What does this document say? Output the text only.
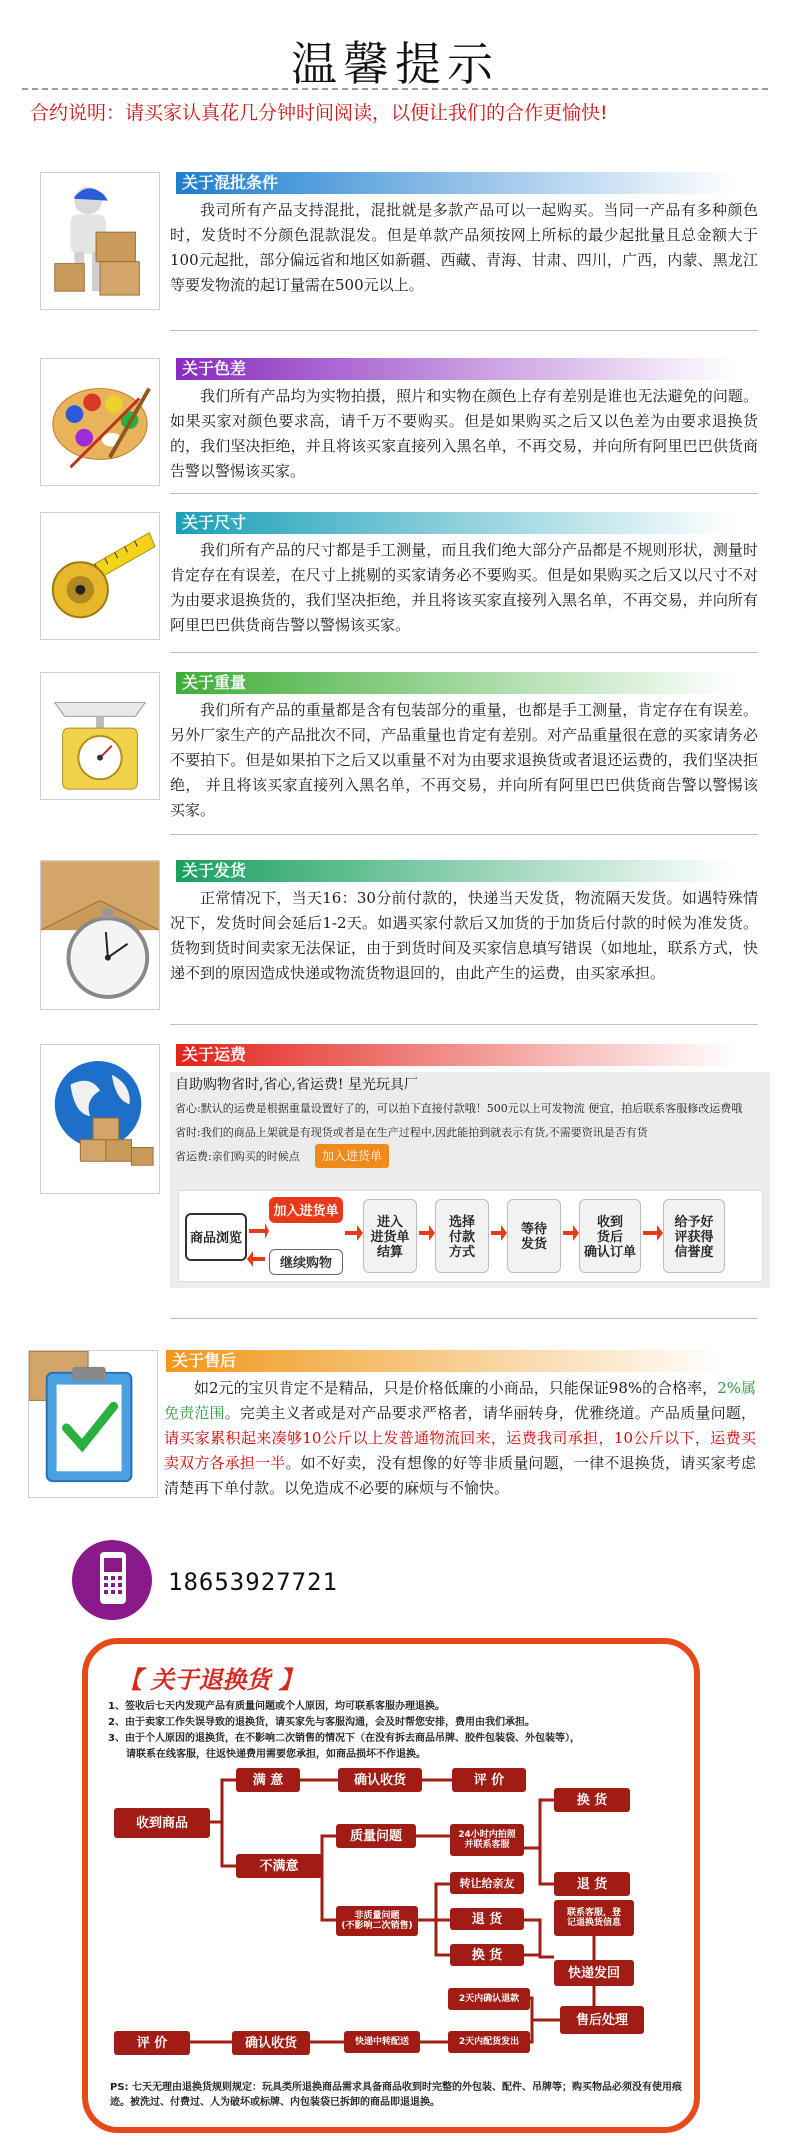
温馨提示
合约说明：请买家认真花几分钟时间阅读，以便让我们的合作更愉快!
关于混批条件
我司所有产品支持混批，混批就是多款产品可以一起购买。当同一产品有多种颜色时，发货时不分颜色混款混发。但是单款产品须按网上所标的最少起批量且总金额大于100元起批，部分偏远省和地区如新疆、西藏、青海、甘肃、四川，广西，内蒙、黑龙江等要发物流的起订量需在500元以上。
关于色差
我们所有产品均为实物拍摄，照片和实物在颜色上存有差别是谁也无法避免的问题。如果买家对颜色要求高，请千万不要购买。但是如果购买之后又以色差为由要求退换货的，我们坚决拒绝，并且将该买家直接列入黑名单，不再交易，并向所有阿里巴巴供货商告警以警惕该买家。
关于尺寸
我们所有产品的尺寸都是手工测量，而且我们绝大部分产品都是不规则形状，测量时肯定存在有误差，在尺寸上挑剔的买家请务必不要购买。但是如果购买之后又以尺寸不对为由要求退换货的，我们坚决拒绝，并且将该买家直接列入黑名单，不再交易，并向所有阿里巴巴供货商告警以警惕该买家。
关于重量
我们所有产品的重量都是含有包装部分的重量，也都是手工测量，肯定存在有误差。另外厂家生产的产品批次不同，产品重量也肯定有差别。对产品重量很在意的买家请务必不要拍下。但是如果拍下之后又以重量不对为由要求退换货或者退还运费的，我们坚决拒绝， 并且将该买家直接列入黑名单，不再交易，并向所有阿里巴巴供货商告警以警惕该买家。
关于发货
正常情况下，当天16：30分前付款的，快递当天发货，物流隔天发货。如遇特殊情况下，发货时间会延后1-2天。如遇买家付款后又加货的于加货后付款的时候为准发货。货物到货时间卖家无法保证，由于到货时间及买家信息填写错误（如地址，联系方式，快递不到的原因造成快递或物流货物退回的，由此产生的运费，由买家承担。
关于运费
自助购物省时,省心,省运费! 星光玩具厂
省心:默认的运费是根据重量设置好了的，可以拍下直接付款哦！500元以上可发物流 便宜，拍后联系客服修改运费哦
省时:我们的商品上架就是有现货或者是在生产过程中,因此能拍到就表示有货,不需要资讯是否有货
省运费:亲们购买的时候点	加入进货单
商品浏览
加入进货单
继续购物
进入
进货单
结算
选择
付款
方式
等待
发货
收到
货后
确认订单
给予好
评获得
信誉度
关于售后
如2元的宝贝肯定不是精品，只是价格低廉的小商品，只能保证98%的合格率，2%属免责范围。完美主义者或是对产品要求严格者，请华丽转身，优雅绕道。产品质量问题，请买家累积起来凑够10公斤以上发普通物流回来，运费我司承担，10公斤以下，运费买卖双方各承担一半。如不好卖，没有想像的好等非质量问题，一律不退换货，请买家考虑清楚再下单付款。以免造成不必要的麻烦与不愉快。
18653927721
【 关于退换货 】
1、签收后七天内发现产品有质量问题或个人原因，均可联系客服办理退换。
2、由于卖家工作失误导致的退换货，请买家先与客服沟通，会及时帮您安排，费用由我们承担。
3、由于个人原因的退换货，在不影响二次销售的情况下（在没有拆去商品吊牌、胶件包装袋、外包装等），
请联系在线客服，往返快递费用需要您承担，如商品损坏不作退换。
收到商品
满 意	确认收货	评 价
不满意
质量问题	24小时内拍照
并联系客服
换 货
退 货
非质量问题
(不影响二次销售)
转让给亲友
退 货
换 货
联系客服，登
记退换货信息
快递发回
2天内确认退款
售后处理
2天内配货发出
快递中转配送
确认收货
评 价
PS: 七天无理由退换货规则规定：玩具类所退换商品需求具备商品收到时完整的外包装、配件、吊牌等；购买物品必须没有使用痕迹。被洗过、付费过、人为破坏或标牌、内包装袋已拆卸的商品即退退换。
